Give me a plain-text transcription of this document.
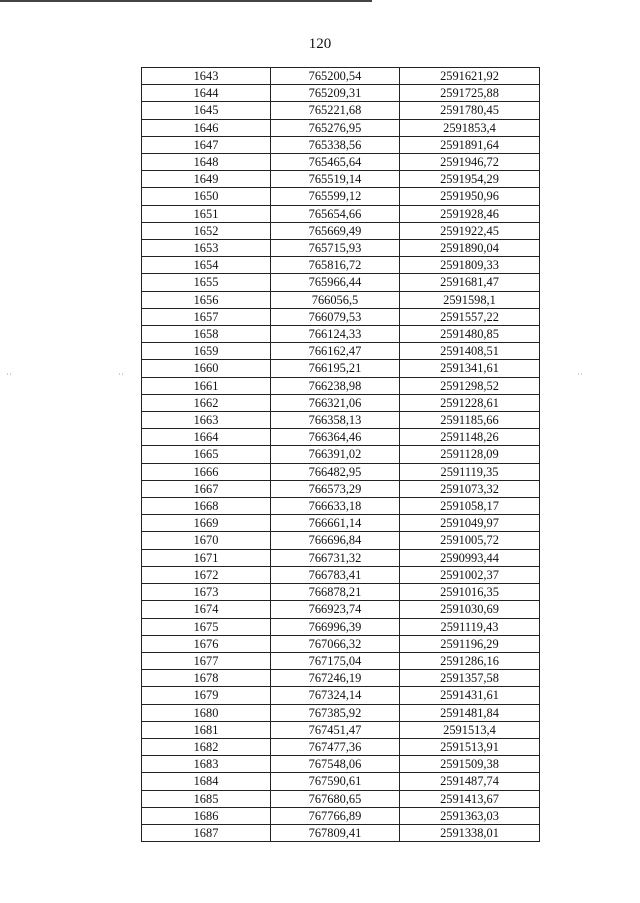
120
˙˙	˙˙	˙˙
1643	765200,54	2591621,92
1644	765209,31	2591725,88
1645	765221,68	2591780,45
1646	765276,95	2591853,4
1647	765338,56	2591891,64
1648	765465,64	2591946,72
1649	765519,14	2591954,29
1650	765599,12	2591950,96
1651	765654,66	2591928,46
1652	765669,49	2591922,45
1653	765715,93	2591890,04
1654	765816,72	2591809,33
1655	765966,44	2591681,47
1656	766056,5	2591598,1
1657	766079,53	2591557,22
1658	766124,33	2591480,85
1659	766162,47	2591408,51
1660	766195,21	2591341,61
1661	766238,98	2591298,52
1662	766321,06	2591228,61
1663	766358,13	2591185,66
1664	766364,46	2591148,26
1665	766391,02	2591128,09
1666	766482,95	2591119,35
1667	766573,29	2591073,32
1668	766633,18	2591058,17
1669	766661,14	2591049,97
1670	766696,84	2591005,72
1671	766731,32	2590993,44
1672	766783,41	2591002,37
1673	766878,21	2591016,35
1674	766923,74	2591030,69
1675	766996,39	2591119,43
1676	767066,32	2591196,29
1677	767175,04	2591286,16
1678	767246,19	2591357,58
1679	767324,14	2591431,61
1680	767385,92	2591481,84
1681	767451,47	2591513,4
1682	767477,36	2591513,91
1683	767548,06	2591509,38
1684	767590,61	2591487,74
1685	767680,65	2591413,67
1686	767766,89	2591363,03
1687	767809,41	2591338,01
